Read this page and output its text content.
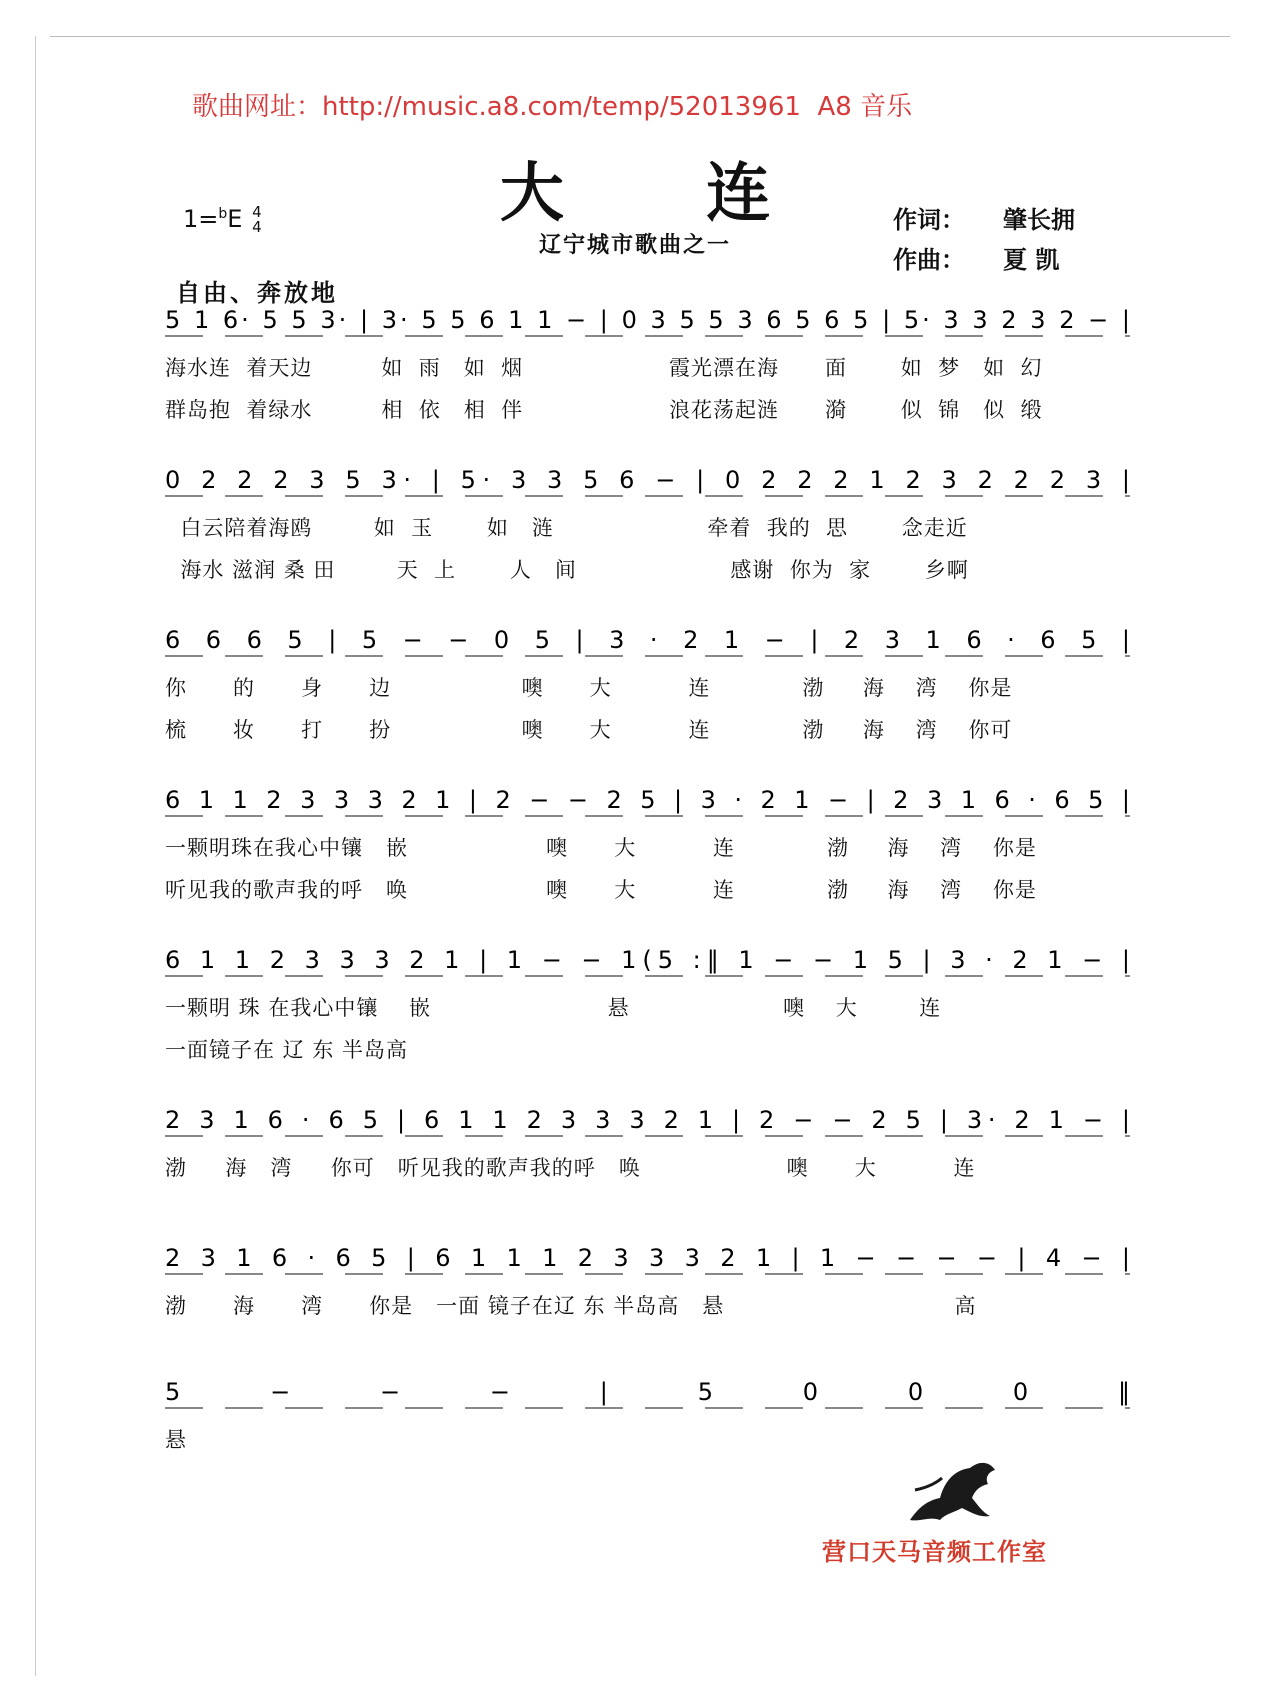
歌曲网址：http://music.a8.com/temp/52013961 A8 音乐
大 连
辽宁城市歌曲之一
1=$^b$E 4
4	作词： 肇长拥
作曲： 夏 凯
自由、奔放地
5 1 6· 5 5 3· | 3· 5 5 6 1 1 − | 0 3 5 5 3 6 5 6 5 | 5· 3 3 2 3 2 − |
海水连  着天边         如  雨   如  烟                   霞光漂在海      面       如  梦   如  幻
群岛抱  着绿水         相  依   相  伴                   浪花荡起涟      漪       似  锦   似  缎
0 2 2 2 3 5 3· | 5· 3 3 5 6 − | 0 2 2 2 1 2 3 2 2 2 3 |
白云陪着海鸥        如  玉       如   涟                    牵着  我的  思       念走近
海水 滋润 桑 田        天  上       人   间                    感谢  你为  家       乡啊
6 6 6 5 | 5 − − 0 5 | 3 · 2 1 − | 2 3 1 6 · 6 5 |
你      的      身      边                 噢      大          连            渤     海    湾    你是
梳      妆      打      扮                 噢      大          连            渤     海    湾    你可
6 1 1 2 3 3 3 2 1 | 2 − − 2 5 | 3 · 2 1 − | 2 3 1 6 · 6 5 |
一颗明珠在我心中镶   嵌                  噢      大          连            渤     海    湾    你是
听见我的歌声我的呼   唤                  噢      大          连            渤     海    湾    你是
6 1 1 2 3 3 3 2 1 | 1 − − 1(5 :‖ 1 − − 1 5 | 3 · 2 1 − |
一颗明 珠 在我心中镶    嵌                       悬                    噢    大        连
一面镜子在 辽 东 半岛高
2 3 1 6 · 6 5 | 6 1 1 2 3 3 3 2 1 | 2 − − 2 5 | 3· 2 1 − |
渤     海   湾     你可   听见我的歌声我的呼   唤                   噢      大          连
2 3 1 6 · 6 5 | 6 1 1 1 2 3 3 3 2 1 | 1 − − − − | 4 − |
渤      海      湾      你是   一面 镜子在辽 东 半岛高   悬                              高
5 − − − | 5 0 0 0 ‖
悬
营口天马音频工作室
